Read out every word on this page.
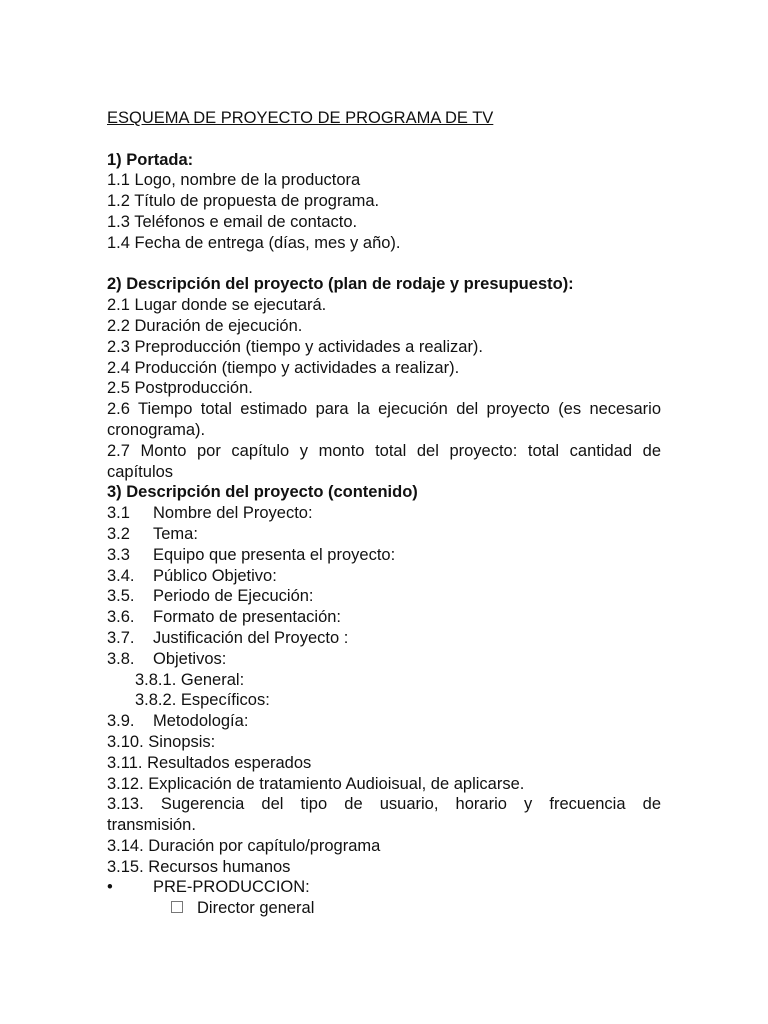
ESQUEMA DE PROYECTO DE PROGRAMA DE TV
1) Portada:
1.1 Logo, nombre de la productora
1.2 Título de propuesta de programa.
1.3 Teléfonos e email de contacto.
1.4 Fecha de entrega (días, mes y año).
2) Descripción del proyecto (plan de rodaje y presupuesto):
2.1 Lugar donde se ejecutará.
2.2 Duración de ejecución.
2.3 Preproducción (tiempo y actividades a realizar).
2.4 Producción (tiempo y actividades a realizar).
2.5 Postproducción.
2.6 Tiempo total estimado para la ejecución del proyecto (es necesario
cronograma).
2.7 Monto por capítulo y monto total del proyecto: total cantidad de
capítulos
3) Descripción del proyecto (contenido)
3.1 Nombre del Proyecto:
3.2 Tema:
3.3 Equipo que presenta el proyecto:
3.4. Público Objetivo:
3.5. Periodo de Ejecución:
3.6. Formato de presentación:
3.7. Justificación del Proyecto :
3.8. Objetivos:
3.8.1. General:
3.8.2. Específicos:
3.9. Metodología:
3.10. Sinopsis:
3.11. Resultados esperados
3.12. Explicación de tratamiento Audioisual, de aplicarse.
3.13. Sugerencia del tipo de usuario, horario y frecuencia de
transmisión.
3.14. Duración por capítulo/programa
3.15. Recursos humanos
• PRE-PRODUCCION:
Director general
